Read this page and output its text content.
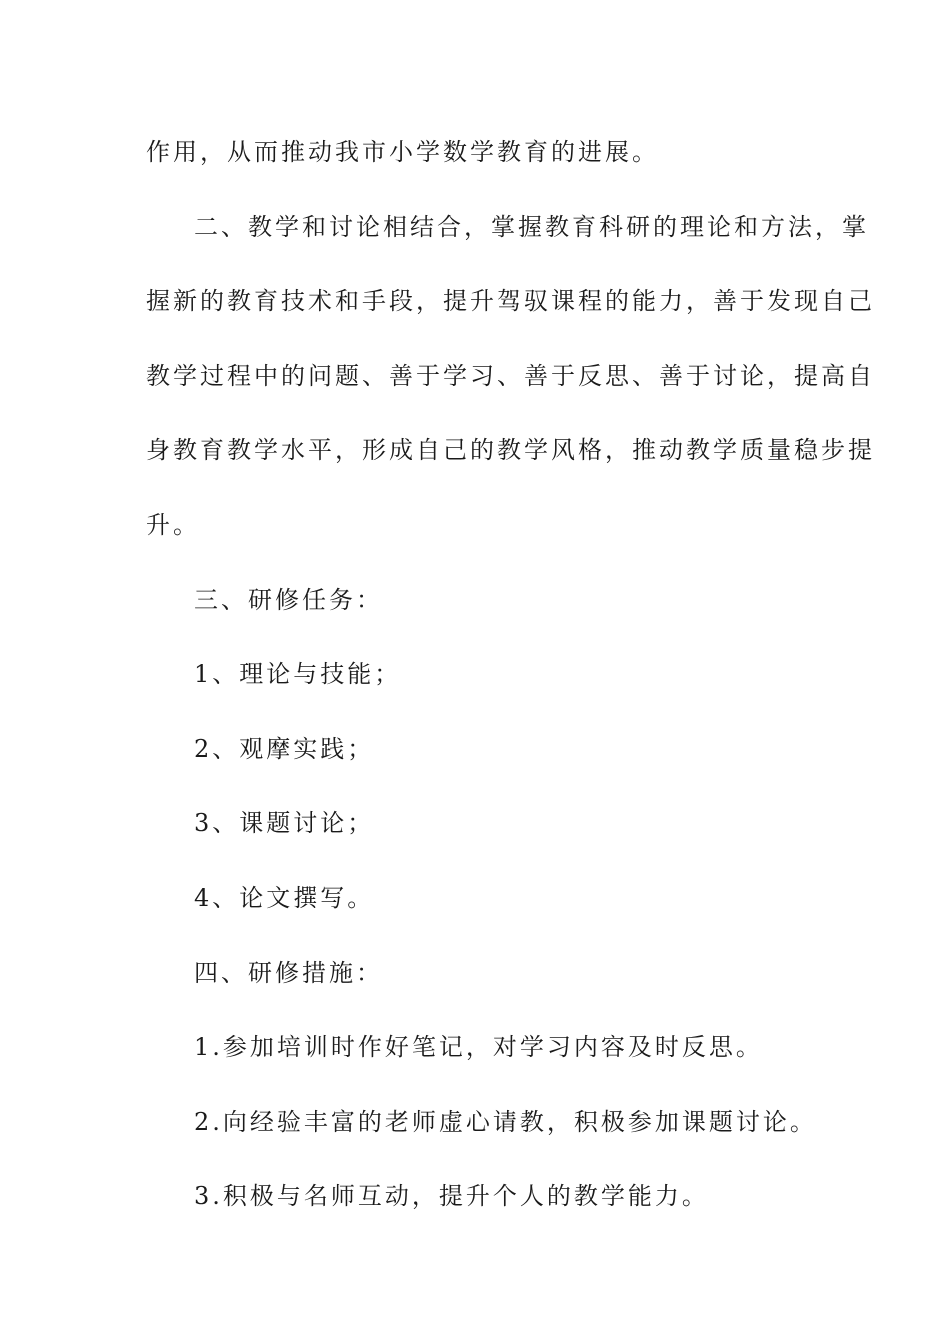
作用，从而推动我市小学数学教育的进展。
二、教学和讨论相结合，掌握教育科研的理论和方法，掌
握新的教育技术和手段，提升驾驭课程的能力，善于发现自己
教学过程中的问题、善于学习、善于反思、善于讨论，提高自
身教育教学水平，形成自己的教学风格，推动教学质量稳步提
升。
三、研修任务：
1、理论与技能；
2、观摩实践；
3、课题讨论；
4、论文撰写。
四、研修措施：
1.参加培训时作好笔记，对学习内容及时反思。
2.向经验丰富的老师虚心请教，积极参加课题讨论。
3.积极与名师互动，提升个人的教学能力。
